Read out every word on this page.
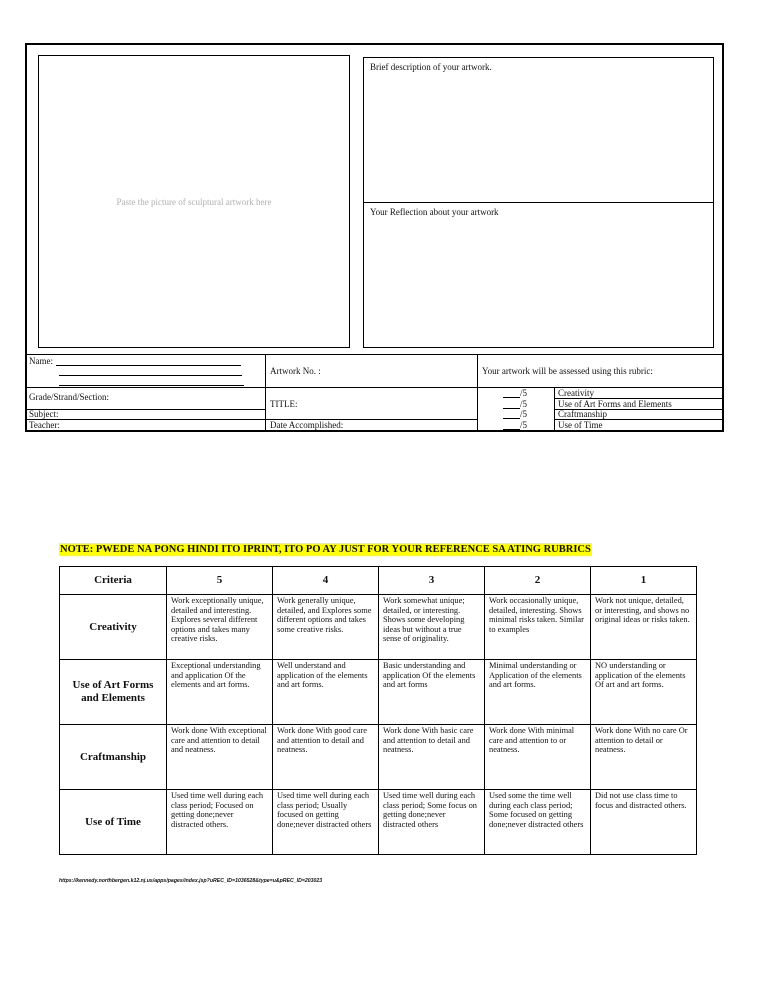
Paste the picture of sculptural artwork here
Brief description of your artwork.
Your Reflection about your artwork
Name:
Grade/Strand/Section:
Subject:
Teacher:
Artwork No. :
TITLE:
Date Accomplished:
Your artwork will be assessed using this rubric:
/5	Creativity
/5	Use of Art Forms and Elements
/5	Craftmanship
/5	Use of Time
NOTE: PWEDE NA PONG HINDI ITO IPRINT, ITO PO AY JUST FOR YOUR REFERENCE SA ATING RUBRICS
Criteria	5	4	3	2	1
Creativity	Work exceptionally unique, detailed and interesting. Explores several different options and takes many creative risks.	Work generally unique, detailed, and Explores some different options and takes some creative risks.	Work somewhat unique; detailed, or interesting. Shows some developing ideas but without a true sense of originality.	Work occasionally unique, detailed, interesting. Shows minimal risks taken. Similar to examples	Work not unique, detailed, or interesting, and shows no original ideas or risks taken.
Use of Art Forms and Elements	Exceptional understanding and application Of the elements and art forms.	Well understand and application of the elements and art forms.	Basic understanding and application Of the elements and art forms	Minimal understanding or Application of the elements and art forms.	NO understanding or application of the elements Of art and art forms.
Craftmanship	Work done With exceptional care and attention to detail and neatness.	Work done With good care and attention to detail and neatness.	Work done With basic care and attention to detail and neatness.	Work done With minimal care and attention to or neatness.	Work done With no care Or attention to detail or neatness.
Use of Time	Used time well during each class period; Focused on getting done;never distracted others.	Used time well during each class period; Usually focused on getting done;never distracted others	Used time well during each class period; Some focus on getting done;never distracted others	Used some the time well during each class period; Some focused on getting done;never distracted others	Did not use class time to focus and distracted others.
https://kennedy.northbergen.k12.nj.us/apps/pages/index.jsp?uREC_ID=1036528&type=u&pREC_ID=203023
